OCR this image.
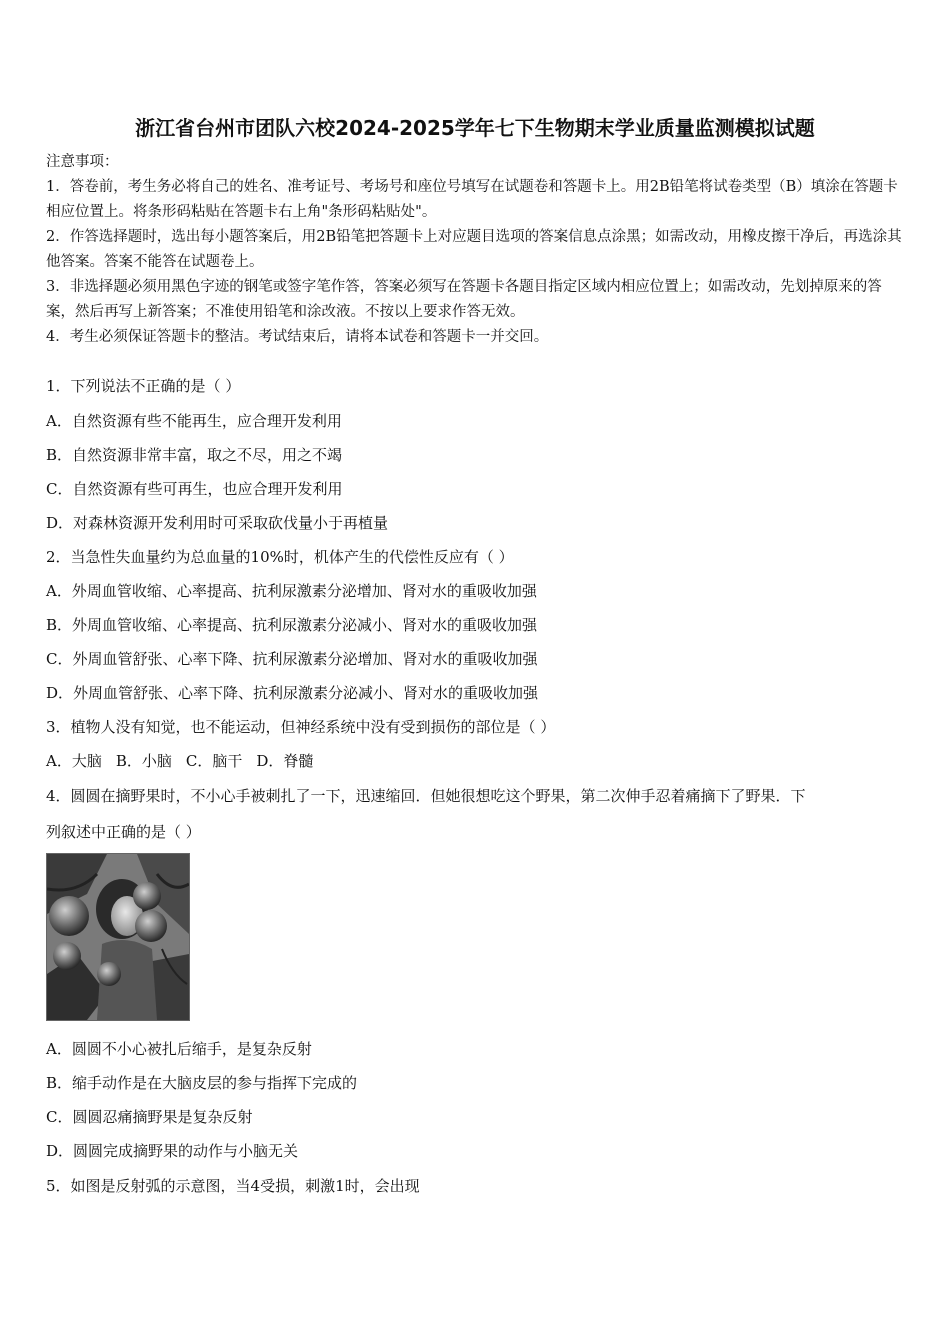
浙江省台州市团队六校2024-2025学年七下生物期末学业质量监测模拟试题
注意事项：
1．答卷前，考生务必将自己的姓名、准考证号、考场号和座位号填写在试题卷和答题卡上。用2B铅笔将试卷类型（B）填涂在答题卡相应位置上。将条形码粘贴在答题卡右上角"条形码粘贴处"。
2．作答选择题时，选出每小题答案后，用2B铅笔把答题卡上对应题目选项的答案信息点涂黑；如需改动，用橡皮擦干净后，再选涂其他答案。答案不能答在试题卷上。
3．非选择题必须用黑色字迹的钢笔或签字笔作答，答案必须写在答题卡各题目指定区域内相应位置上；如需改动，先划掉原来的答案，然后再写上新答案；不准使用铅笔和涂改液。不按以上要求作答无效。
4．考生必须保证答题卡的整洁。考试结束后，请将本试卷和答题卡一并交回。
1．下列说法不正确的是（ ）
A．自然资源有些不能再生，应合理开发利用
B．自然资源非常丰富，取之不尽，用之不竭
C．自然资源有些可再生，也应合理开发利用
D．对森林资源开发利用时可采取砍伐量小于再植量
2．当急性失血量约为总血量的10%时，机体产生的代偿性反应有（ ）
A．外周血管收缩、心率提高、抗利尿激素分泌增加、肾对水的重吸收加强
B．外周血管收缩、心率提高、抗利尿激素分泌减小、肾对水的重吸收加强
C．外周血管舒张、心率下降、抗利尿激素分泌增加、肾对水的重吸收加强
D．外周血管舒张、心率下降、抗利尿激素分泌减小、肾对水的重吸收加强
3．植物人没有知觉，也不能运动，但神经系统中没有受到损伤的部位是（ ）
A．大脑 B．小脑 C．脑干 D．脊髓
4．圆圆在摘野果时，不小心手被刺扎了一下，迅速缩回．但她很想吃这个野果，第二次伸手忍着痛摘下了野果．下
列叙述中正确的是（ ）
A．圆圆不小心被扎后缩手，是复杂反射
B．缩手动作是在大脑皮层的参与指挥下完成的
C．圆圆忍痛摘野果是复杂反射
D．圆圆完成摘野果的动作与小脑无关
5．如图是反射弧的示意图，当4受损，刺激1时，会出现
